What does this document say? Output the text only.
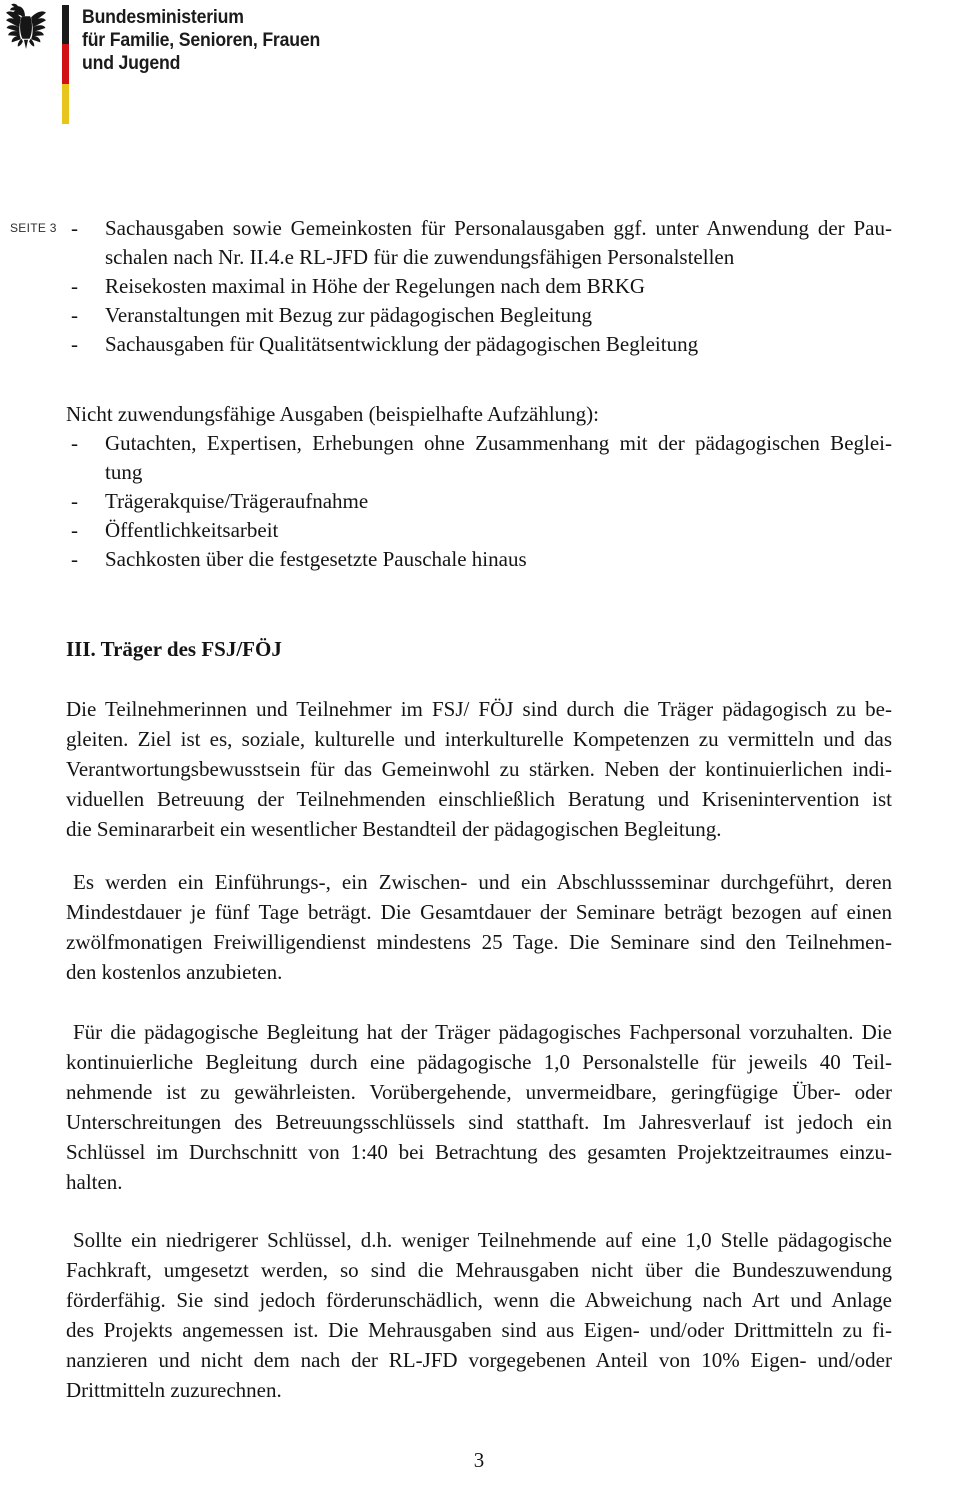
Bundesministerium
für Familie, Senioren, Frauen
und Jugend
SEITE 3 -	Sachausgaben sowie Gemeinkosten für Personalausgaben ggf. unter Anwendung der Pau-
schalen nach Nr. II.4.e RL-JFD für die zuwendungsfähigen Personalstellen
-	Reisekosten maximal in Höhe der Regelungen nach dem BRKG
-	Veranstaltungen mit Bezug zur pädagogischen Begleitung
-	Sachausgaben für Qualitätsentwicklung der pädagogischen Begleitung
Nicht zuwendungsfähige Ausgaben (beispielhafte Aufzählung):
-	Gutachten, Expertisen, Erhebungen ohne Zusammenhang mit der pädagogischen Beglei-
tung
-	Trägerakquise/Trägeraufnahme
-	Öffentlichkeitsarbeit
-	Sachkosten über die festgesetzte Pauschale hinaus
III. Träger des FSJ/FÖJ
Die Teilnehmerinnen und Teilnehmer im FSJ/ FÖJ sind durch die Träger pädagogisch zu be-
gleiten. Ziel ist es, soziale, kulturelle und interkulturelle Kompetenzen zu vermitteln und das
Verantwortungsbewusstsein für das Gemeinwohl zu stärken. Neben der kontinuierlichen indi-
viduellen Betreuung der Teilnehmenden einschließlich Beratung und Krisenintervention ist
die Seminararbeit ein wesentlicher Bestandteil der pädagogischen Begleitung.
Es werden ein Einführungs-, ein Zwischen- und ein Abschlussseminar durchgeführt, deren
Mindestdauer je fünf Tage beträgt. Die Gesamtdauer der Seminare beträgt bezogen auf einen
zwölfmonatigen Freiwilligendienst mindestens 25 Tage. Die Seminare sind den Teilnehmen-
den kostenlos anzubieten.
Für die pädagogische Begleitung hat der Träger pädagogisches Fachpersonal vorzuhalten. Die
kontinuierliche Begleitung durch eine pädagogische 1,0 Personalstelle für jeweils 40 Teil-
nehmende ist zu gewährleisten. Vorübergehende, unvermeidbare, geringfügige Über- oder
Unterschreitungen des Betreuungsschlüssels sind statthaft. Im Jahresverlauf ist jedoch ein
Schlüssel im Durchschnitt von 1:40 bei Betrachtung des gesamten Projektzeitraumes einzu-
halten.
Sollte ein niedrigerer Schlüssel, d.h. weniger Teilnehmende auf eine 1,0 Stelle pädagogische
Fachkraft, umgesetzt werden, so sind die Mehrausgaben nicht über die Bundeszuwendung
förderfähig. Sie sind jedoch förderunschädlich, wenn die Abweichung nach Art und Anlage
des Projekts angemessen ist. Die Mehrausgaben sind aus Eigen- und/oder Drittmitteln zu fi-
nanzieren und nicht dem nach der RL-JFD vorgegebenen Anteil von 10% Eigen- und/oder
Drittmitteln zuzurechnen.
3
